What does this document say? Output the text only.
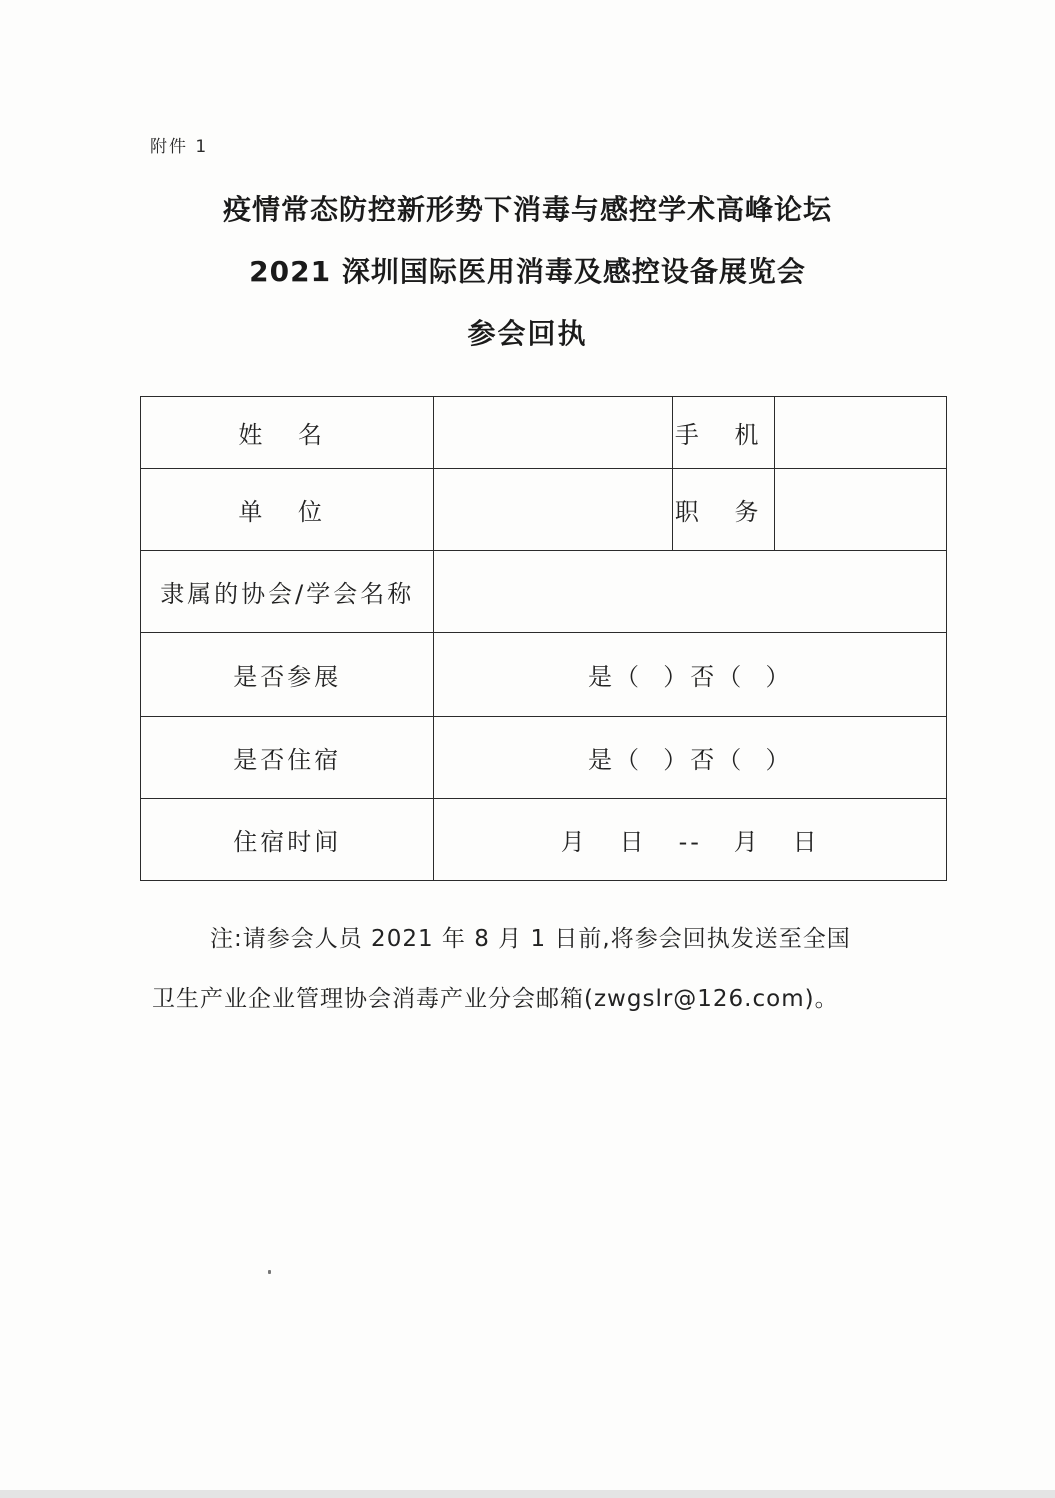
附件 1
疫情常态防控新形势下消毒与感控学术高峰论坛
2021 深圳国际医用消毒及感控设备展览会
参会回执
姓 名		手 机	
单 位		职 务	
隶属的协会/学会名称			
是否参展	是（  ）否（  ）		
是否住宿	是（  ）否（  ）		
住宿时间	月   日   --   月   日		
注:请参会人员 2021 年 8 月 1 日前,将参会回执发送至全国
卫生产业企业管理协会消毒产业分会邮箱(zwgslr@126.com)。
